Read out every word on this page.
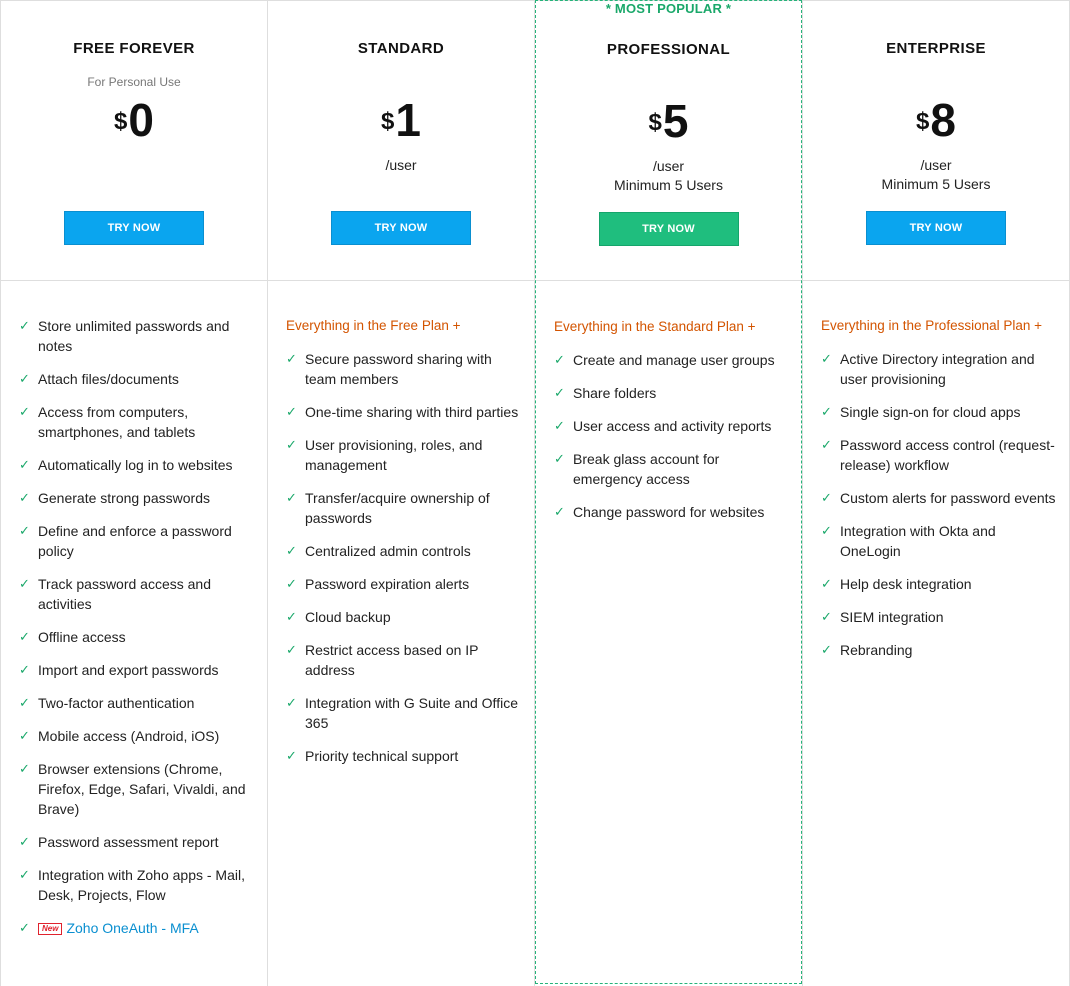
FREE FOREVER
For Personal Use
$0
TRY NOW
✓ Store unlimited passwords and notes
✓ Attach files/documents
✓ Access from computers, smartphones, and tablets
✓ Automatically log in to websites
✓ Generate strong passwords
✓ Define and enforce a password policy
✓ Track password access and activities
✓ Offline access
✓ Import and export passwords
✓ Two-factor authentication
✓ Mobile access (Android, iOS)
✓ Browser extensions (Chrome, Firefox, Edge, Safari, Vivaldi, and Brave)
✓ Password assessment report
✓ Integration with Zoho apps - Mail, Desk, Projects, Flow
✓ New Zoho OneAuth - MFA
STANDARD
$1
/user
TRY NOW
Everything in the Free Plan +
✓ Secure password sharing with team members
✓ One-time sharing with third parties
✓ User provisioning, roles, and management
✓ Transfer/acquire ownership of passwords
✓ Centralized admin controls
✓ Password expiration alerts
✓ Cloud backup
✓ Restrict access based on IP address
✓ Integration with G Suite and Office 365
✓ Priority technical support
* MOST POPULAR *
PROFESSIONAL
$5
/user
Minimum 5 Users
TRY NOW
Everything in the Standard Plan +
✓ Create and manage user groups
✓ Share folders
✓ User access and activity reports
✓ Break glass account for emergency access
✓ Change password for websites
ENTERPRISE
$8
/user
Minimum 5 Users
TRY NOW
Everything in the Professional Plan +
✓ Active Directory integration and user provisioning
✓ Single sign-on for cloud apps
✓ Password access control (request-release) workflow
✓ Custom alerts for password events
✓ Integration with Okta and OneLogin
✓ Help desk integration
✓ SIEM integration
✓ Rebranding
